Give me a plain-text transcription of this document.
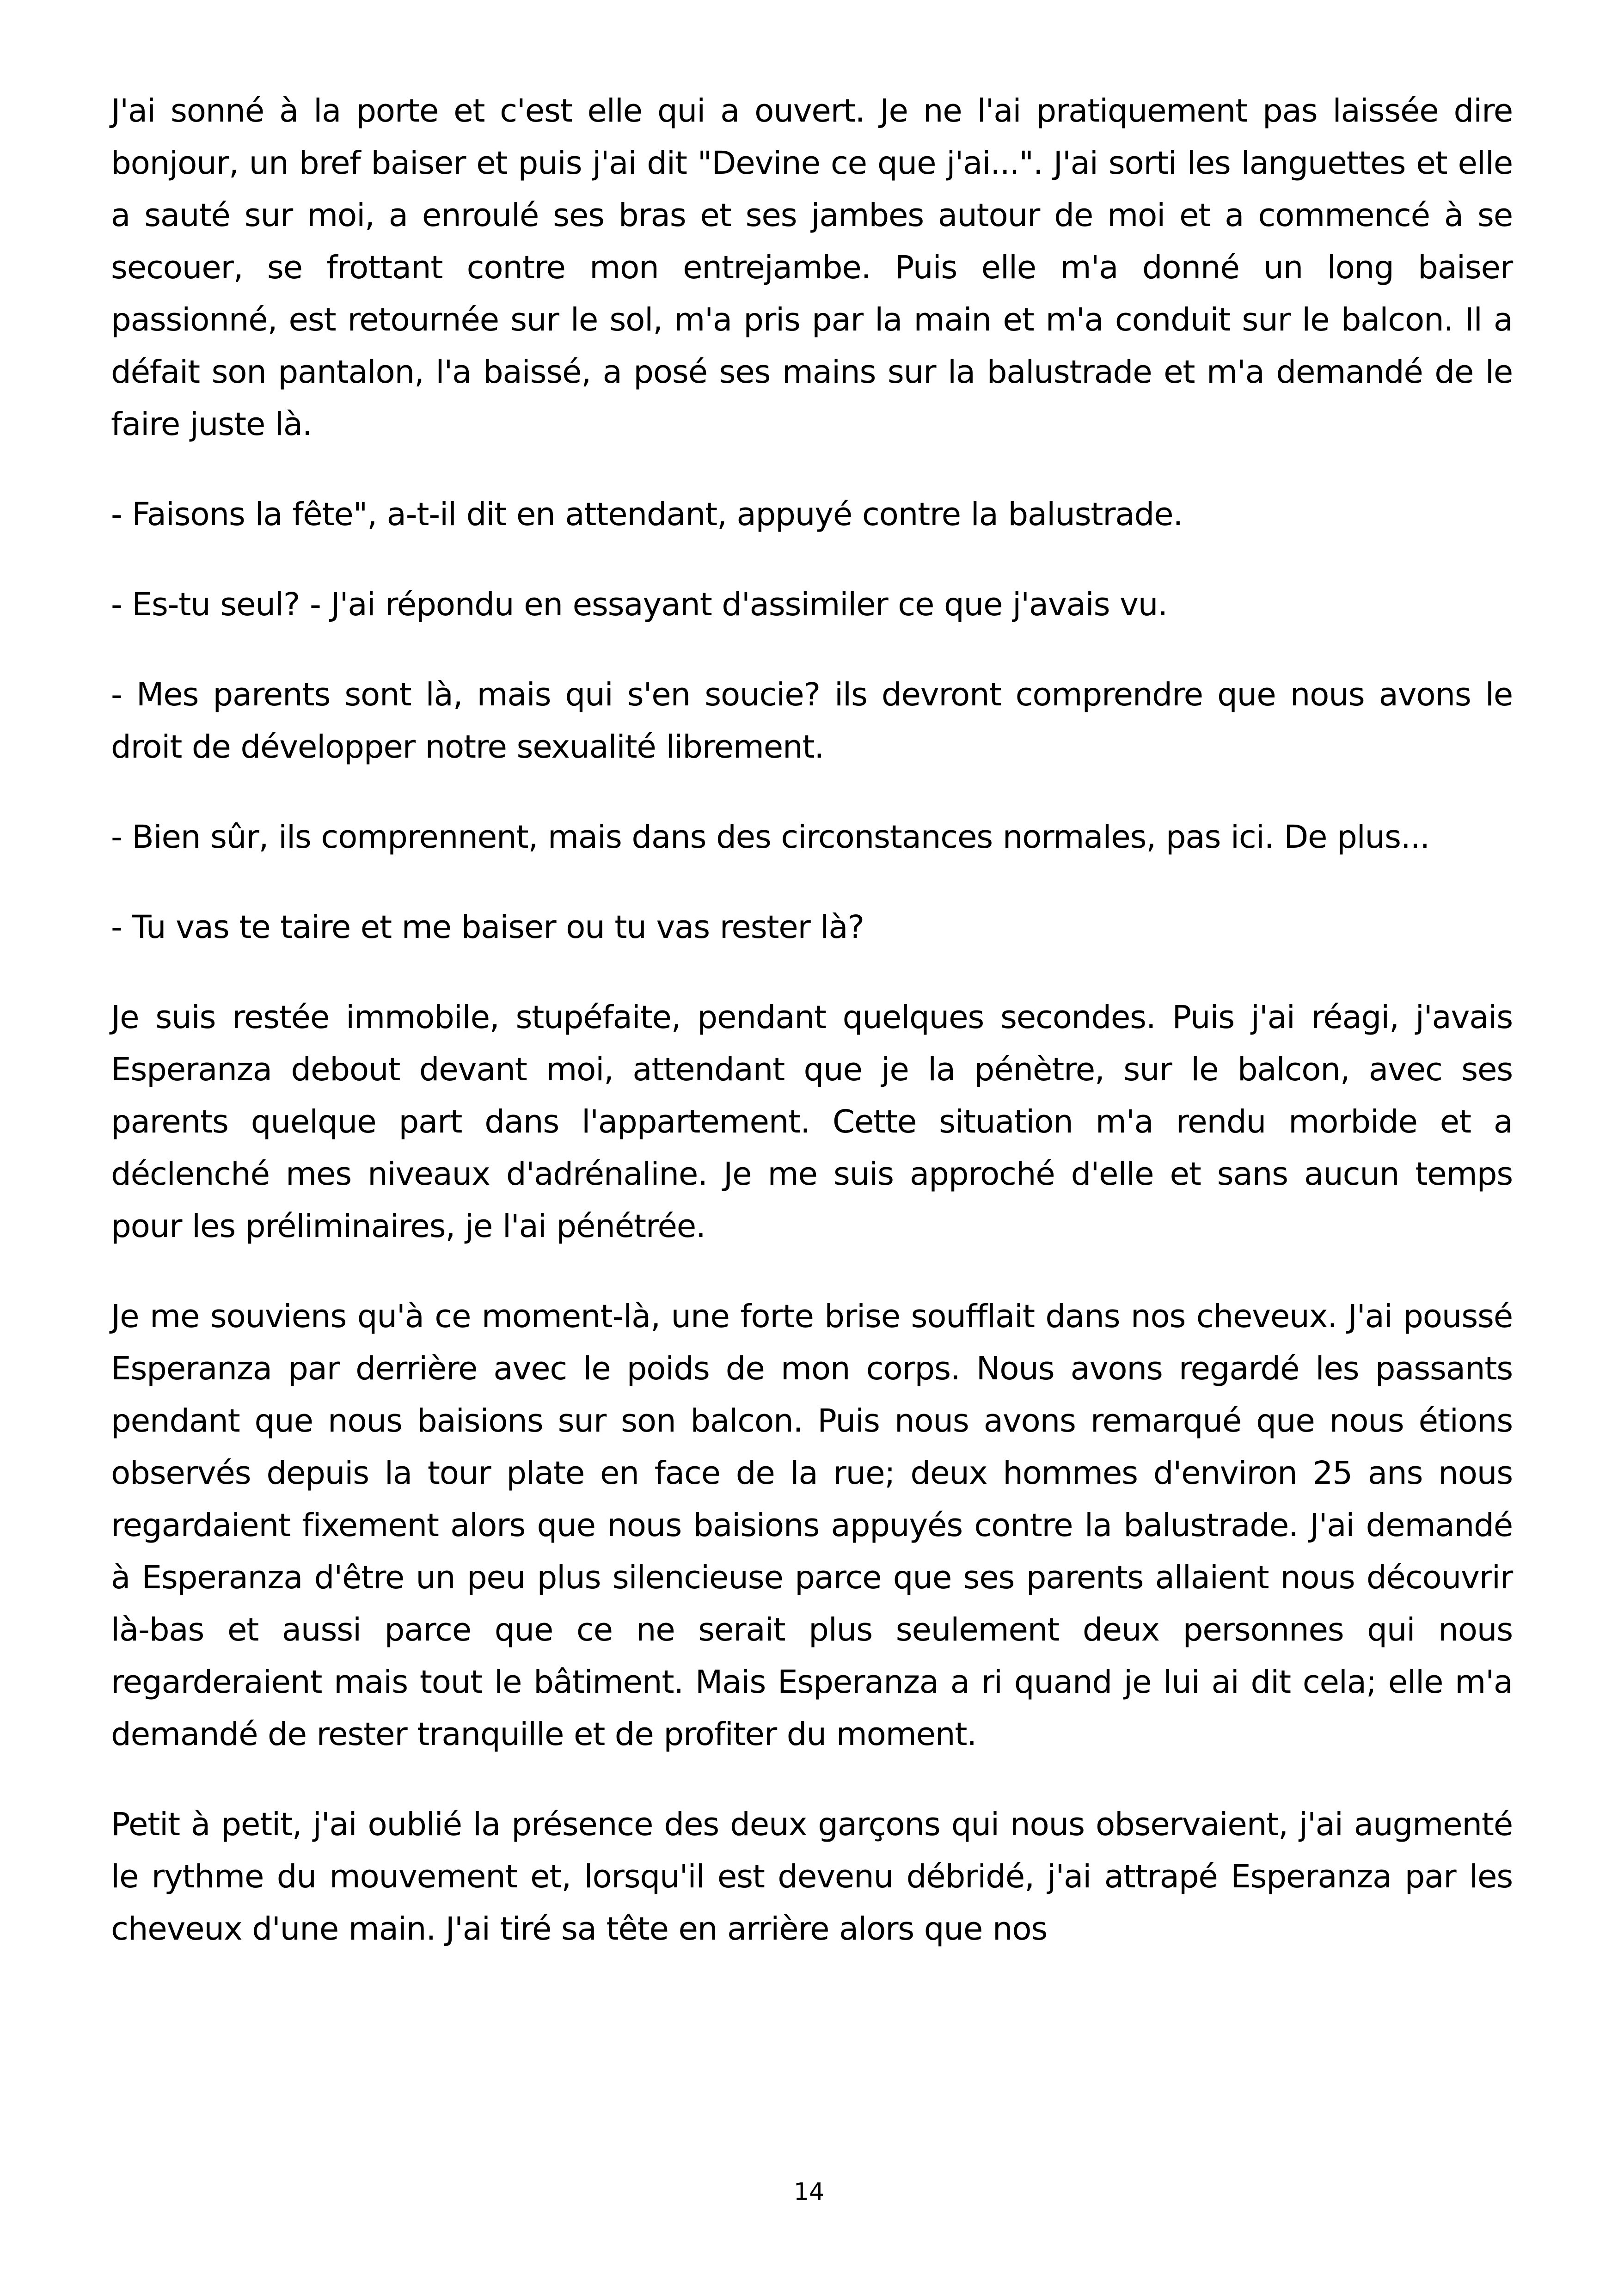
J'ai sonné à la porte et c'est elle qui a ouvert. Je ne l'ai pratiquement pas laissée dire bonjour, un bref baiser et puis j'ai dit "Devine ce que j'ai...". J'ai sorti les languettes et elle a sauté sur moi, a enroulé ses bras et ses jambes autour de moi et a commencé à se secouer, se frottant contre mon entrejambe. Puis elle m'a donné un long baiser passionné, est retournée sur le sol, m'a pris par la main et m'a conduit sur le balcon. Il a défait son pantalon, l'a baissé, a posé ses mains sur la balustrade et m'a demandé de le faire juste là.

- Faisons la fête", a-t-il dit en attendant, appuyé contre la balustrade.

- Es-tu seul? - J'ai répondu en essayant d'assimiler ce que j'avais vu.

- Mes parents sont là, mais qui s'en soucie? ils devront comprendre que nous avons le droit de développer notre sexualité librement.

- Bien sûr, ils comprennent, mais dans des circonstances normales, pas ici. De plus...

- Tu vas te taire et me baiser ou tu vas rester là?

Je suis restée immobile, stupéfaite, pendant quelques secondes. Puis j'ai réagi, j'avais Esperanza debout devant moi, attendant que je la pénètre, sur le balcon, avec ses parents quelque part dans l'appartement. Cette situation m'a rendu morbide et a déclenché mes niveaux d'adrénaline. Je me suis approché d'elle et sans aucun temps pour les préliminaires, je l'ai pénétrée.

Je me souviens qu'à ce moment-là, une forte brise soufflait dans nos cheveux. J'ai poussé Esperanza par derrière avec le poids de mon corps. Nous avons regardé les passants pendant que nous baisions sur son balcon. Puis nous avons remarqué que nous étions observés depuis la tour plate en face de la rue; deux hommes d'environ 25 ans nous regardaient fixement alors que nous baisions appuyés contre la balustrade. J'ai demandé à Esperanza d'être un peu plus silencieuse parce que ses parents allaient nous découvrir là-bas et aussi parce que ce ne serait plus seulement deux personnes qui nous regarderaient mais tout le bâtiment. Mais Esperanza a ri quand je lui ai dit cela; elle m'a demandé de rester tranquille et de profiter du moment.

Petit à petit, j'ai oublié la présence des deux garçons qui nous observaient, j'ai augmenté le rythme du mouvement et, lorsqu'il est devenu débridé, j'ai attrapé Esperanza par les cheveux d'une main. J'ai tiré sa tête en arrière alors que nos

14
